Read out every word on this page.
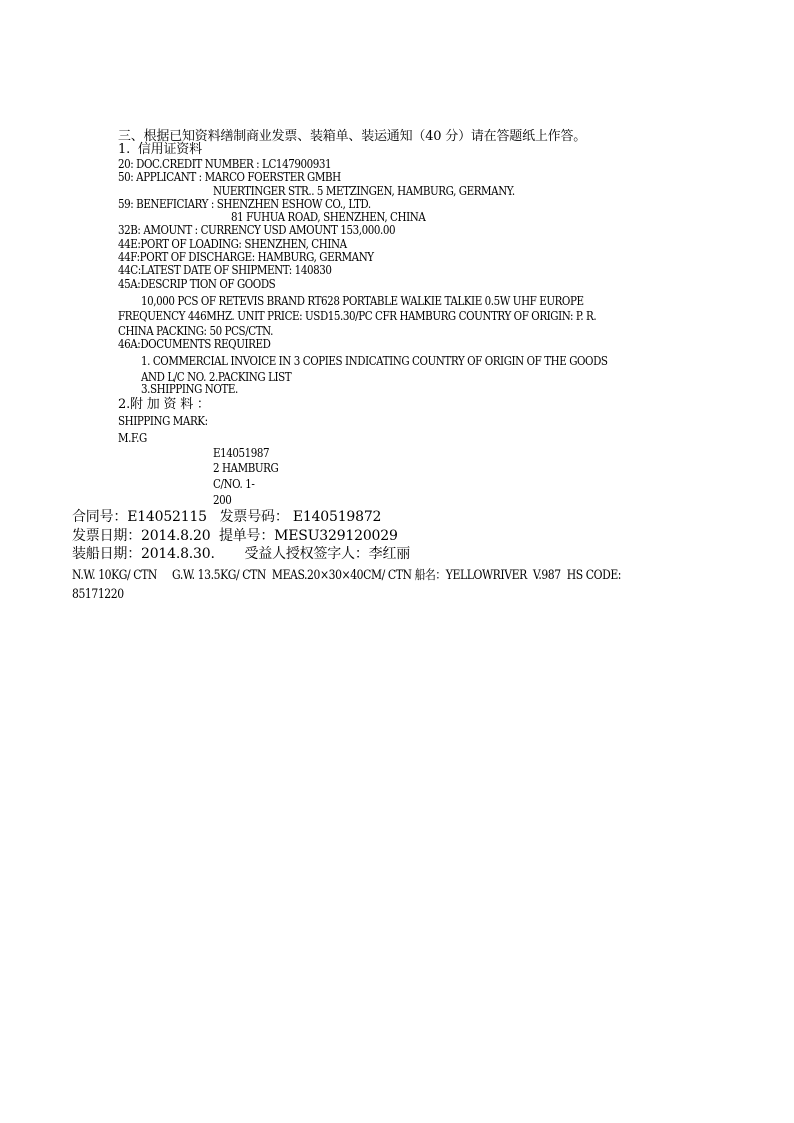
三、根据已知资料缮制商业发票、装箱单、装运通知（40 分）请在答题纸上作答。
1.  信用证资料
20: DOC.CREDIT NUMBER : LC147900931
50: APPLICANT : MARCO FOERSTER GMBH
NUERTINGER STR.. 5 METZINGEN, HAMBURG, GERMANY.
59: BENEFICIARY : SHENZHEN ESHOW CO., LTD.
81 FUHUA ROAD, SHENZHEN, CHINA
32B: AMOUNT : CURRENCY USD AMOUNT 153,000.00
44E:PORT OF LOADING: SHENZHEN, CHINA
44F:PORT OF DISCHARGE: HAMBURG, GERMANY
44C:LATEST DATE OF SHIPMENT: 140830
45A:DESCRIP TION OF GOODS
10,000 PCS OF RETEVIS BRAND RT628 PORTABLE WALKIE TALKIE 0.5W UHF EUROPE
FREQUENCY 446MHZ. UNIT PRICE: USD15.30/PC CFR HAMBURG COUNTRY OF ORIGIN: P. R.
CHINA PACKING: 50 PCS/CTN.
46A:DOCUMENTS REQUIRED
1. COMMERCIAL INVOICE IN 3 COPIES INDICATING COUNTRY OF ORIGIN OF THE GOODS
AND L/C NO. 2.PACKING LIST
3.SHIPPING NOTE.
2.附 加 资 料 ：
SHIPPING MARK:
M.F.G
E14051987
2 HAMBURG
C/NO. 1-
200
合同号：E14052115   发票号码： E140519872
发票日期：2014.8.20  提单号：MESU329120029
装船日期：2014.8.30.       受益人授权签字人：李红丽
N.W. 10KG/ CTN     G.W. 13.5KG/ CTN  MEAS.20×30×40CM/ CTN 船名：YELLOWRIVER  V.987  HS CODE:
85171220
